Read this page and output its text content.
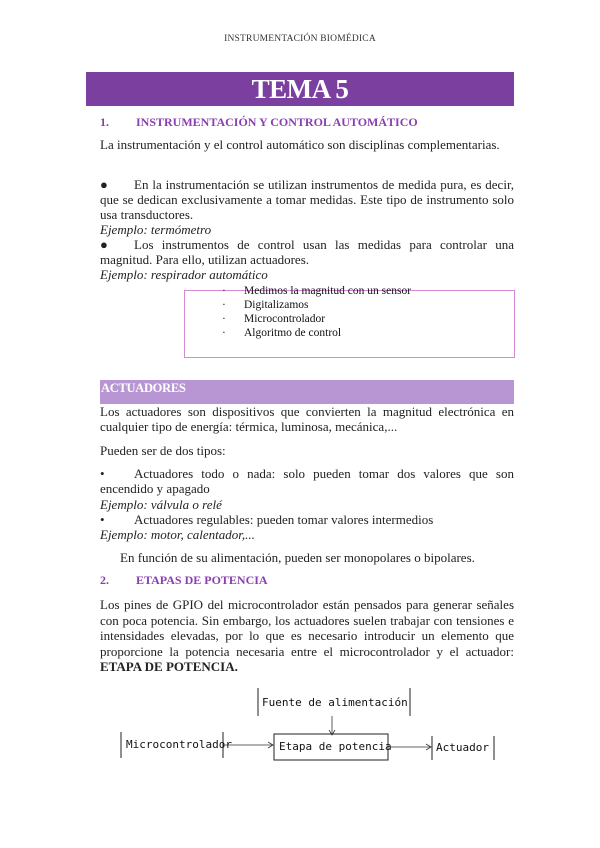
INSTRUMENTACIÓN BIOMÉDICA
TEMA 5
1. INSTRUMENTACIÓN Y CONTROL AUTOMÁTICO
La instrumentación y el control automático son disciplinas complementarias.
● En la instrumentación se utilizan instrumentos de medida pura, es decir, que se dedican exclusivamente a tomar medidas. Este tipo de instrumento solo usa transductores.
Ejemplo: termómetro
● Los instrumentos de control usan las medidas para controlar una magnitud. Para ello, utilizan actuadores.
Ejemplo: respirador automático
· Medimos la magnitud con un sensor
· Digitalizamos
· Microcontrolador
· Algoritmo de control
ACTUADORES
Los actuadores son dispositivos que convierten la magnitud electrónica en cualquier tipo de energía: térmica, luminosa, mecánica,...
Pueden ser de dos tipos:
• Actuadores todo o nada: solo pueden tomar dos valores que son encendido y apagado
Ejemplo: válvula o relé
• Actuadores regulables: pueden tomar valores intermedios
Ejemplo: motor, calentador,...
En función de su alimentación, pueden ser monopolares o bipolares.
2. ETAPAS DE POTENCIA
Los pines de GPIO del microcontrolador están pensados para generar señales con poca potencia. Sin embargo, los actuadores suelen trabajar con tensiones e intensidades elevadas, por lo que es necesario introducir un elemento que proporcione la potencia necesaria entre el microcontrolador y el actuador: ETAPA DE POTENCIA.
Fuente de alimentación
Microcontrolador	Etapa de potencia	Actuador
